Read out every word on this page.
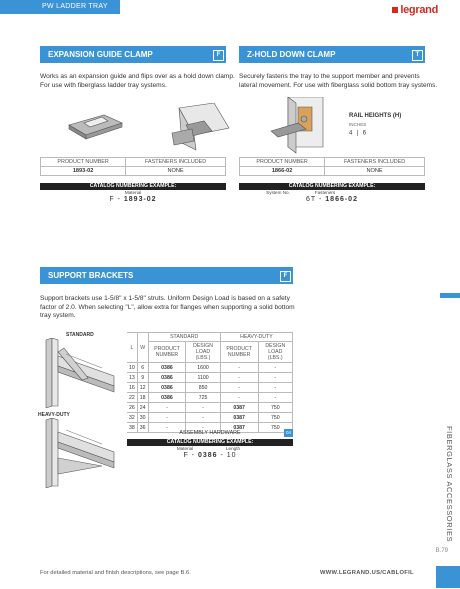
PW LADDER TRAY	legrand
EXPANSION GUIDE CLAMP	F
Works as an expansion guide and flips over as a hold down clamp. For use with fiberglass ladder tray systems.
Z-HOLD DOWN CLAMP	T
Securely fastens the tray to the support member and prevents lateral movement. For use with fiberglass solid bottom tray systems.
RAIL HEIGHTS (H)
INCHES
4 6
PRODUCT NUMBER	FASTENERS INCLUDED
1893-02	NONE
CATALOG NUMBERING EXAMPLE:
Material
F - 1893-02
PRODUCT NUMBER	FASTENERS INCLUDED
1866-02	NONE
CATALOG NUMBERING EXAMPLE:
System No.	Fasteners
6T - 1866-02
SUPPORT BRACKETS	F
Support brackets use 1-5/8" x 1-5/8" struts. Uniform Design Load is based on a safety factor of 2.0. When selecting "L", allow extra for flanges when supporting a solid bottom tray system.
STANDARD
HEAVY-DUTY
L	W	STANDARD		HEAVY-DUTY	
		PRODUCT NUMBER	DESIGN LOAD (LBS.)	PRODUCT NUMBER	DESIGN LOAD (LBS.)
10	6	0386	1600	-	-
13	9	0386	1100	-	-
16	12	0386	850	-	-
22	18	0386	725	-	-
26	24	-	-	0387	750
32	30	-	-	0387	750
38	36	-	-	0387	750
ASSEMBLY HARDWARE	04
CATALOG NUMBERING EXAMPLE:
Material	Length
F - 0386 - 10	FIBERGLASS ACCESSORIES
B.79
For detailed material and finish descriptions, see page B.6.	WWW.LEGRAND.US/CABLOFIL
